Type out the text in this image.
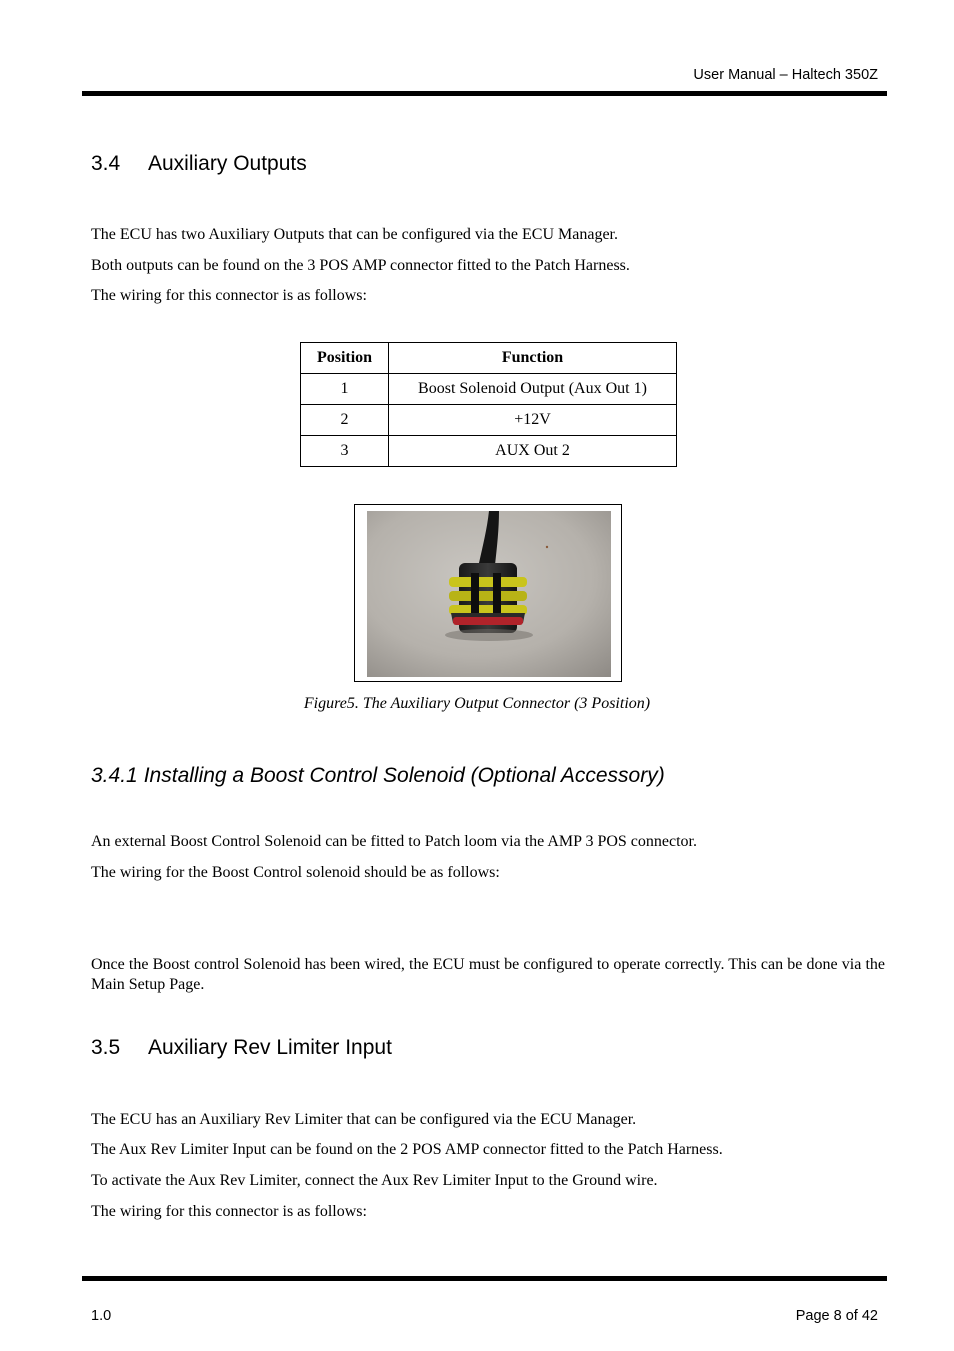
User Manual – Haltech 350Z
3.4 Auxiliary Outputs
The ECU has two Auxiliary Outputs that can be configured via the ECU Manager.
Both outputs can be found on the 3 POS AMP connector fitted to the Patch Harness.
The wiring for this connector is as follows:
Position	Function
1	Boost Solenoid Output (Aux Out 1)
2	+12V
3	AUX Out 2
Figure5. The Auxiliary Output Connector (3 Position)
3.4.1 Installing a Boost Control Solenoid (Optional Accessory)
An external Boost Control Solenoid can be fitted to Patch loom via the AMP 3 POS connector.
The wiring for the Boost Control solenoid should be as follows:
Once the Boost control Solenoid has been wired, the ECU must be configured to operate correctly. This can be done via the Main Setup Page.
3.5 Auxiliary Rev Limiter Input
The ECU has an Auxiliary Rev Limiter that can be configured via the ECU Manager.
The Aux Rev Limiter Input can be found on the 2 POS AMP connector fitted to the Patch Harness.
To activate the Aux Rev Limiter, connect the Aux Rev Limiter Input to the Ground wire.
The wiring for this connector is as follows:
1.0	Page 8 of 42
